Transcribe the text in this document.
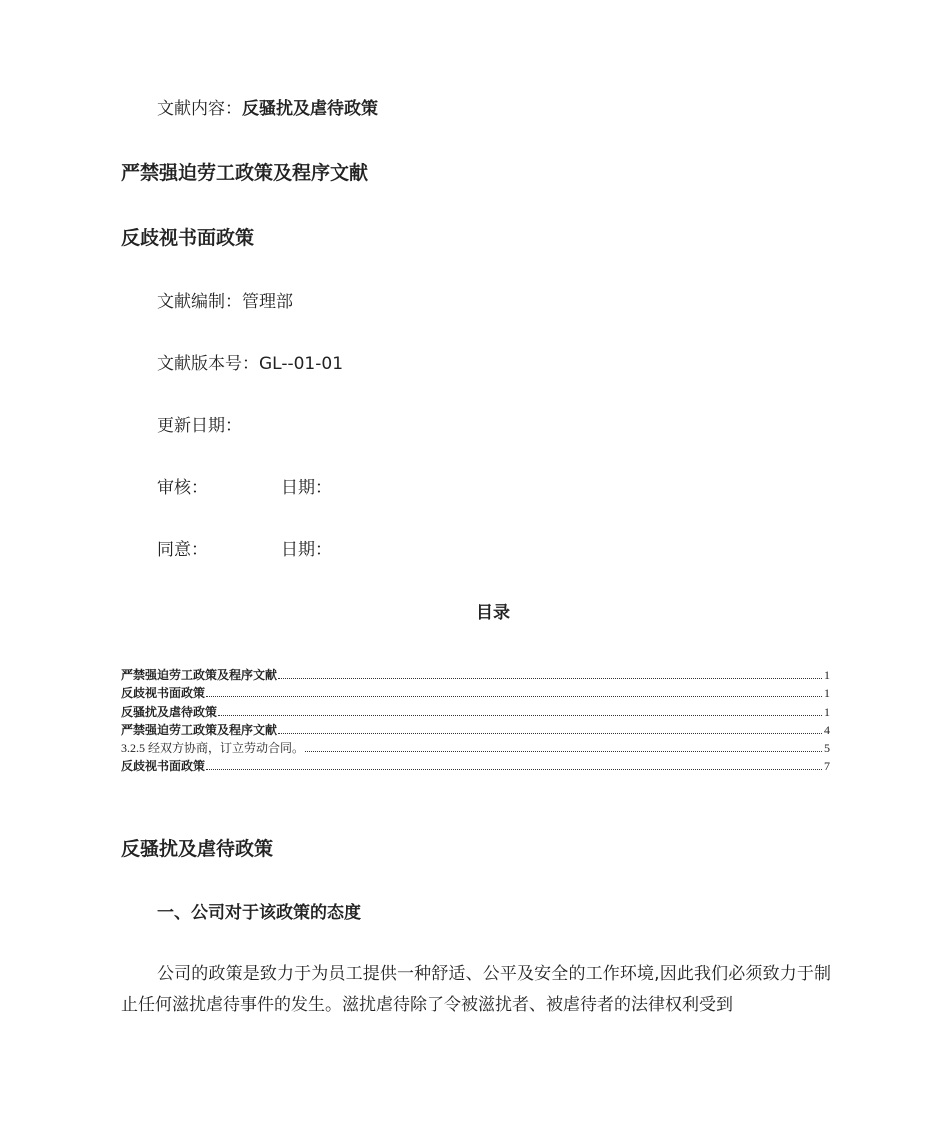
文献内容：反骚扰及虐待政策
严禁强迫劳工政策及程序文献
反歧视书面政策
文献编制：管理部
文献版本号：GL--01-01
更新日期：
审核：	日期：
同意：	日期：
目录
严禁强迫劳工政策及程序文献	1
反歧视书面政策	1
反骚扰及虐待政策	1
严禁强迫劳工政策及程序文献	4
3.2.5 经双方协商，订立劳动合同。	5
反歧视书面政策	7
反骚扰及虐待政策
一、公司对于该政策的态度
公司的政策是致力于为员工提供一种舒适、公平及安全的工作环境,因此我们必须致力于制止任何滋扰虐待事件的发生。滋扰虐待除了令被滋扰者、被虐待者的法律权利受到
